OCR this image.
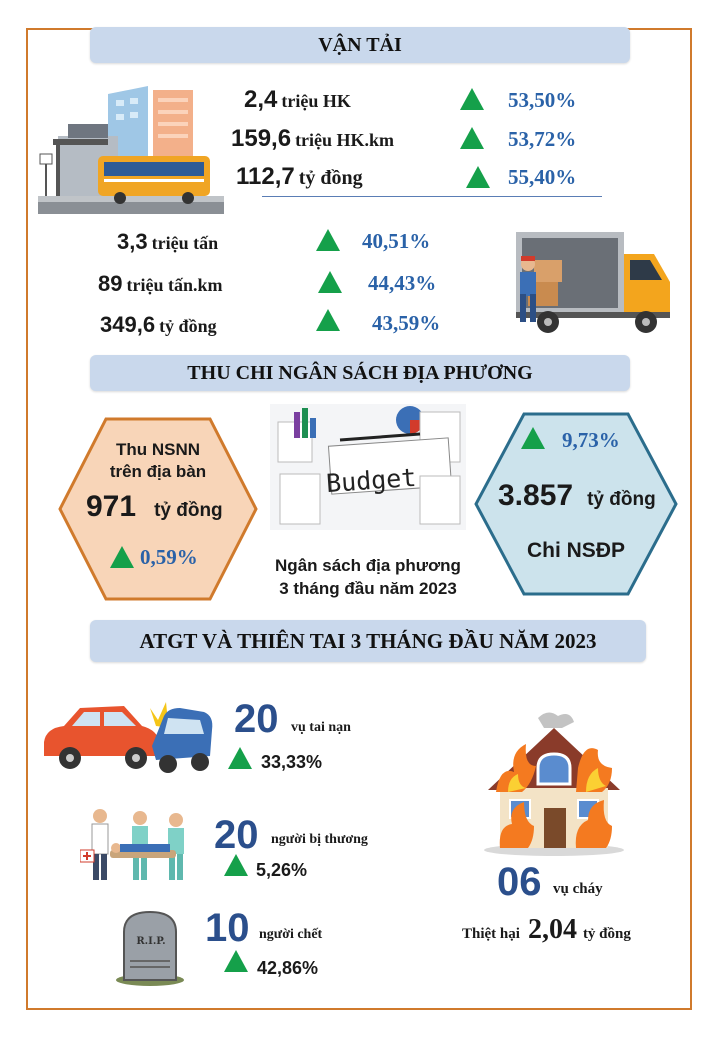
VẬN TẢI
2,4 triệu HK	53,50%
159,6 triệu HK.km	53,72%
112,7 tỷ đồng	55,40%
3,3 triệu tấn	40,51%
89 triệu tấn.km	44,43%
349,6 tỷ đồng	43,59%
THU CHI NGÂN SÁCH ĐỊA PHƯƠNG
Thu NSNN
trên địa bàn
971 tỷ đồng
0,59%
Budget
Ngân sách địa phương
3 tháng đầu năm 2023
9,73%
3.857 tỷ đồng
Chi NSĐP
ATGT VÀ THIÊN TAI 3 THÁNG ĐẦU NĂM 2023
20 vụ tai nạn
33,33%
20 người bị thương
5,26%
R.I.P. 10 người chết
42,86%
06 vụ cháy
Thiệt hại 2,04 tỷ đồng
